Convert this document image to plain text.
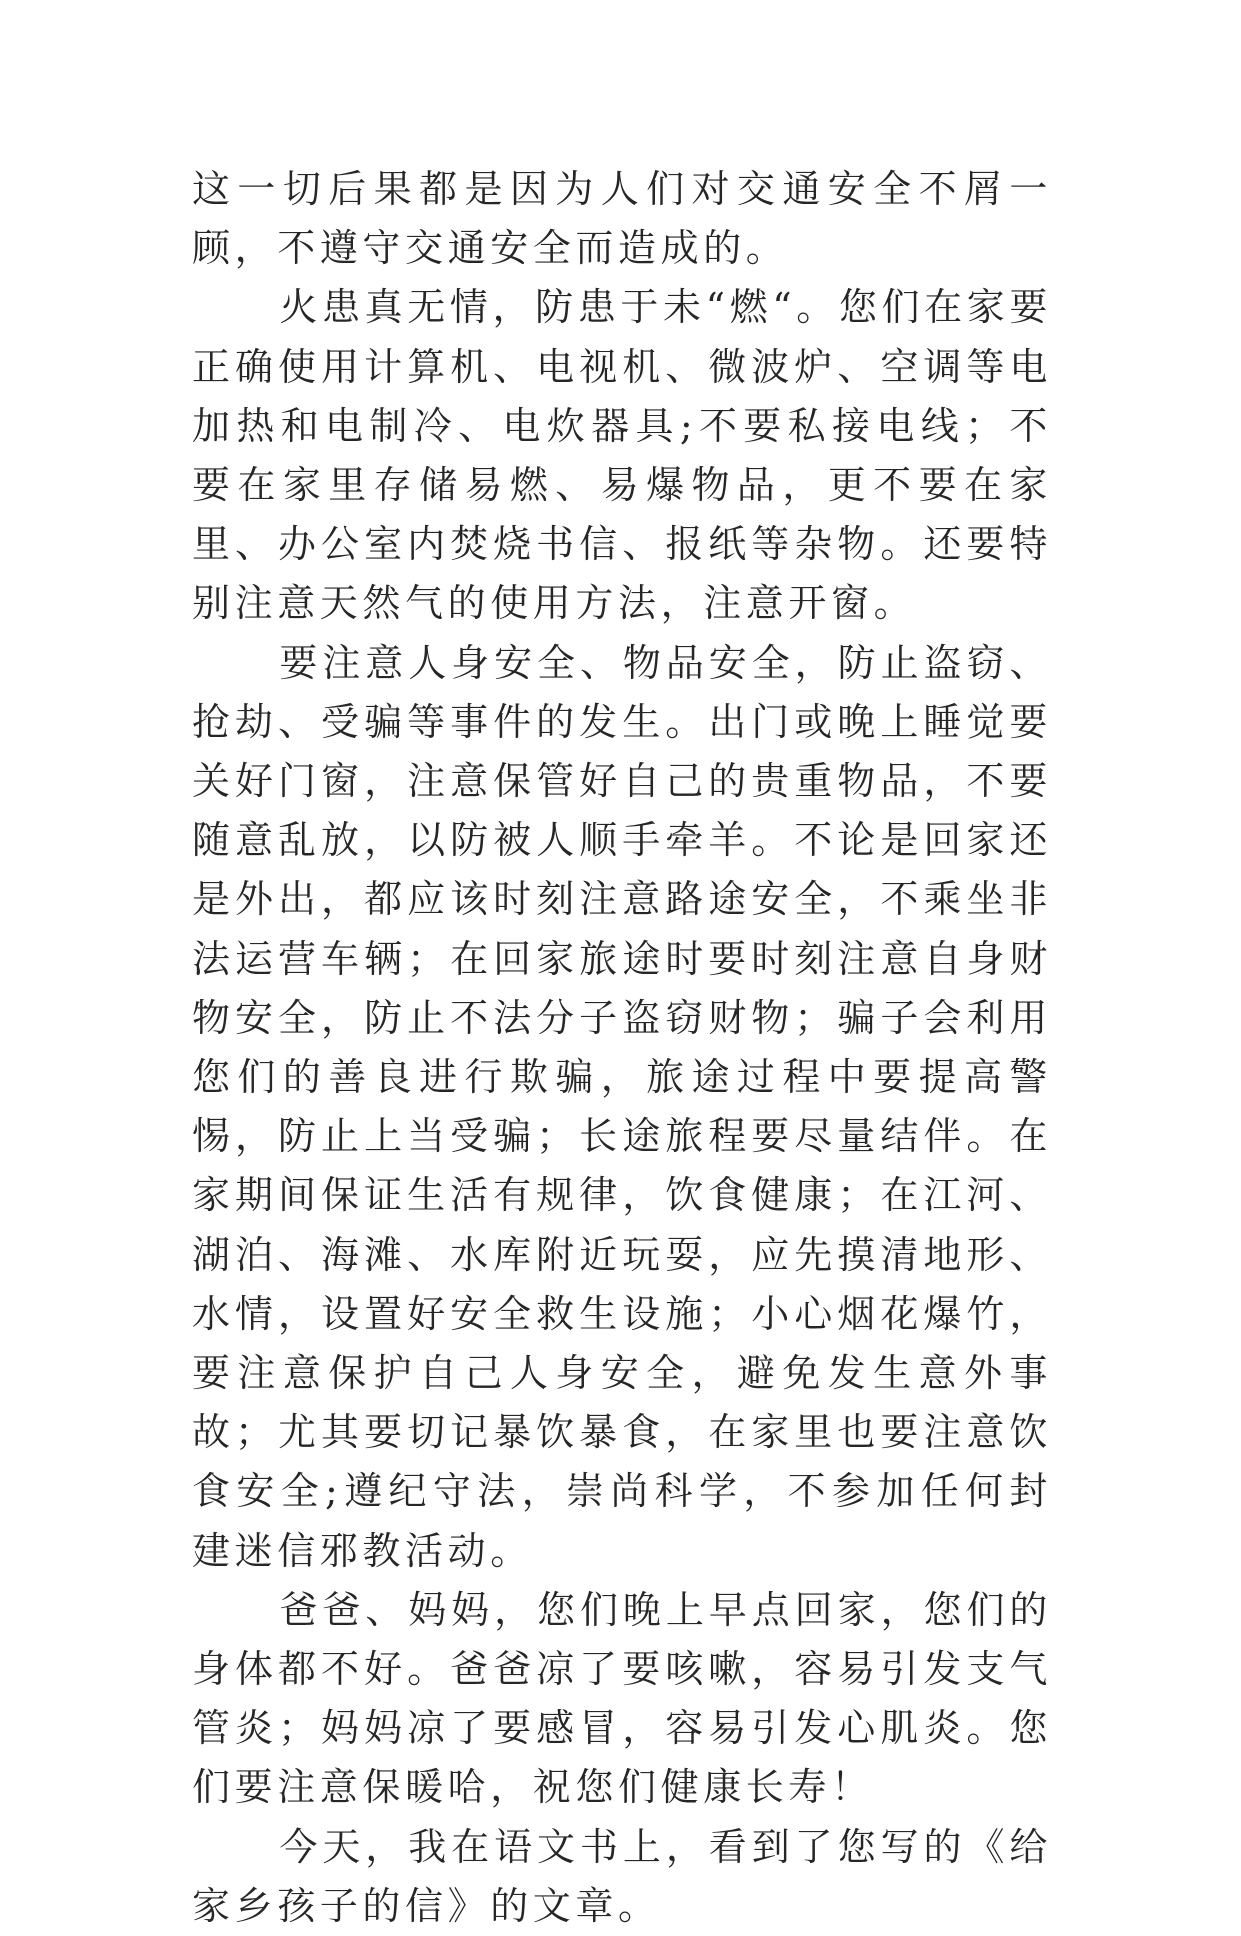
这一切后果都是因为人们对交通安全不屑一顾，不遵守交通安全而造成的。

火患真无情，防患于未“燃“。您们在家要正确使用计算机、电视机、微波炉、空调等电加热和电制冷、电炊器具;不要私接电线；不要在家里存储易燃、易爆物品，更不要在家里、办公室内焚烧书信、报纸等杂物。还要特别注意天然气的使用方法，注意开窗。

要注意人身安全、物品安全，防止盗窃、抢劫、受骗等事件的发生。出门或晚上睡觉要关好门窗，注意保管好自己的贵重物品，不要随意乱放，以防被人顺手牵羊。不论是回家还是外出，都应该时刻注意路途安全，不乘坐非法运营车辆；在回家旅途时要时刻注意自身财物安全，防止不法分子盗窃财物；骗子会利用您们的善良进行欺骗，旅途过程中要提高警惕，防止上当受骗；长途旅程要尽量结伴。在家期间保证生活有规律，饮食健康；在江河、湖泊、海滩、水库附近玩耍，应先摸清地形、水情，设置好安全救生设施；小心烟花爆竹，要注意保护自己人身安全，避免发生意外事故；尤其要切记暴饮暴食，在家里也要注意饮食安全;遵纪守法，崇尚科学，不参加任何封建迷信邪教活动。

爸爸、妈妈，您们晚上早点回家，您们的身体都不好。爸爸凉了要咳嗽，容易引发支气管炎；妈妈凉了要感冒，容易引发心肌炎。您们要注意保暖哈，祝您们健康长寿！

今天，我在语文书上，看到了您写的《给家乡孩子的信》的文章。
